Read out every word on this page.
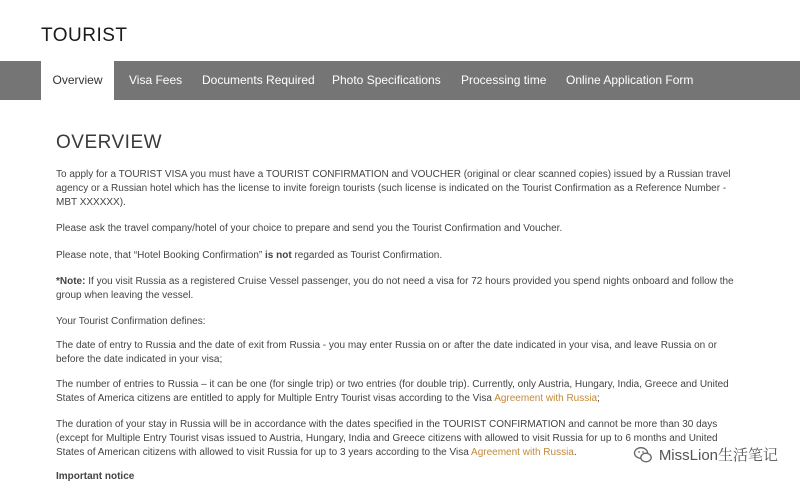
TOURIST
Overview	Visa Fees Documents Required Photo Specifications Processing time Online Application Form
OVERVIEW

To apply for a TOURIST VISA you must have a TOURIST CONFIRMATION and VOUCHER (original or clear scanned copies) issued by a Russian travel agency or a Russian hotel which has the license to invite foreign tourists (such license is indicated on the Tourist Confirmation as a Reference Number - MBT XXXXXX).

Please ask the travel company/hotel of your choice to prepare and send you the Tourist Confirmation and Voucher.

Please note, that “Hotel Booking Confirmation” is not regarded as Tourist Confirmation.

*Note: If you visit Russia as a registered Cruise Vessel passenger, you do not need a visa for 72 hours provided you spend nights onboard and follow the group when leaving the vessel.

Your Tourist Confirmation defines:

The date of entry to Russia and the date of exit from Russia - you may enter Russia on or after the date indicated in your visa, and leave Russia on or before the date indicated in your visa;

The number of entries to Russia – it can be one (for single trip) or two entries (for double trip). Currently, only Austria, Hungary, India, Greece and United States of America citizens are entitled to apply for Multiple Entry Tourist visas according to the Visa Agreement with Russia;

The duration of your stay in Russia will be in accordance with the dates specified in the TOURIST CONFIRMATION and cannot be more than 30 days (except for Multiple Entry Tourist visas issued to Austria, Hungary, India and Greece citizens with allowed to visit Russia for up to 6 months and United States of American citizens with allowed to visit Russia for up to 3 years according to the Visa Agreement with Russia.

Important notice

MissLion生活笔记
